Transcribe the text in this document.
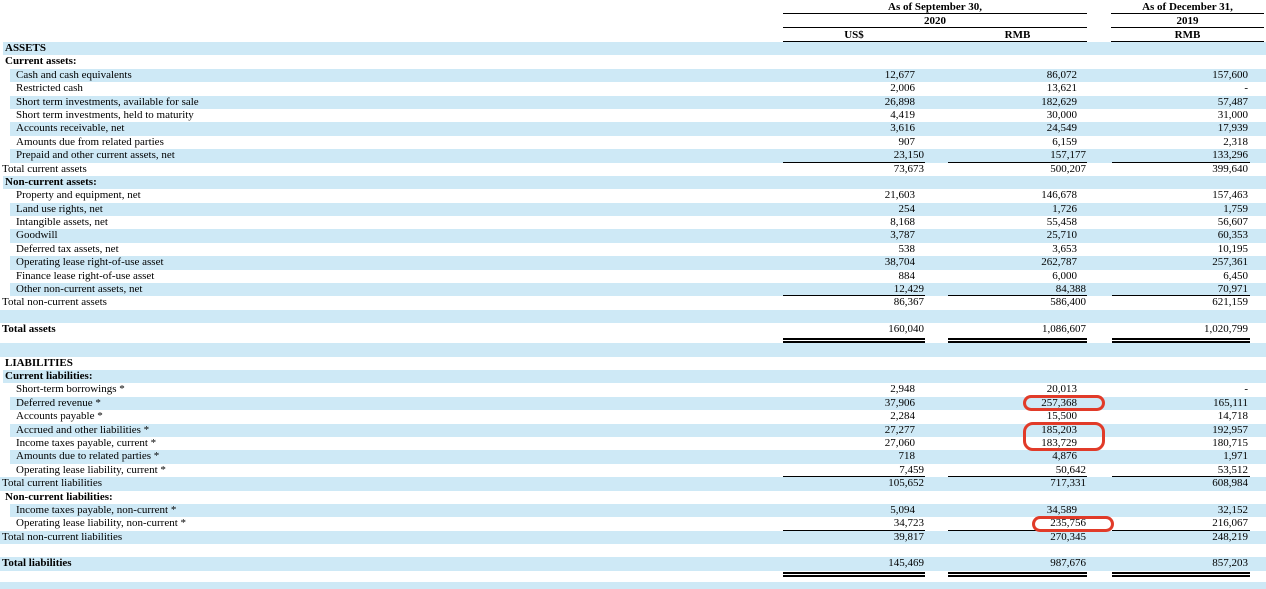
As of September 30,	As of December 31,
2020	2019
US$	RMB	RMB
ASSETS
Current assets:
Cash and cash equivalents	12,677	86,072	157,600
Restricted cash	2,006	13,621	-
Short term investments, available for sale	26,898	182,629	57,487
Short term investments, held to maturity	4,419	30,000	31,000
Accounts receivable, net	3,616	24,549	17,939
Amounts due from related parties	907	6,159	2,318
Prepaid and other current assets, net	23,150	157,177	133,296
Total current assets	73,673	500,207	399,640
Non-current assets:
Property and equipment, net	21,603	146,678	157,463
Land use rights, net	254	1,726	1,759
Intangible assets, net	8,168	55,458	56,607
Goodwill	3,787	25,710	60,353
Deferred tax assets, net	538	3,653	10,195
Operating lease right-of-use asset	38,704	262,787	257,361
Finance lease right-of-use asset	884	6,000	6,450
Other non-current assets, net	12,429	84,388	70,971
Total non-current assets	86,367	586,400	621,159
Total assets	160,040	1,086,607	1,020,799
LIABILITIES
Current liabilities:
Short-term borrowings *	2,948	20,013	-
Deferred revenue *	37,906	257,368	165,111
Accounts payable *	2,284	15,500	14,718
Accrued and other liabilities *	27,277	185,203	192,957
Income taxes payable, current *	27,060	183,729	180,715
Amounts due to related parties *	718	4,876	1,971
Operating lease liability, current *	7,459	50,642	53,512
Total current liabilities	105,652	717,331	608,984
Non-current liabilities:
Income taxes payable, non-current *	5,094	34,589	32,152
Operating lease liability, non-current *	34,723	235,756	216,067
Total non-current liabilities	39,817	270,345	248,219
Total liabilities	145,469	987,676	857,203
